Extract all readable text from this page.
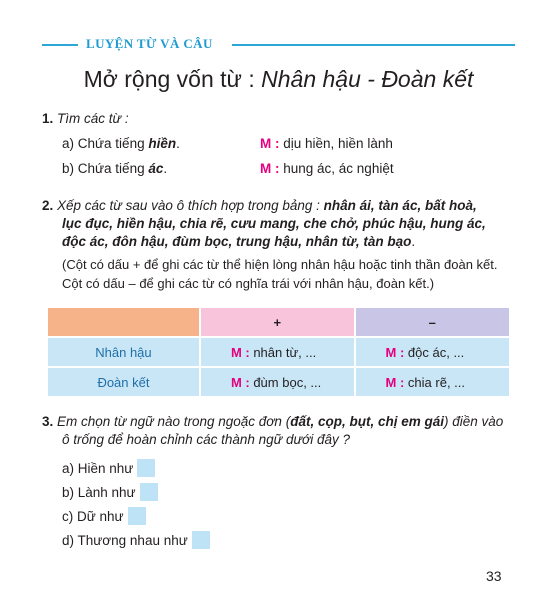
LUYỆN TỪ VÀ CÂU
Mở rộng vốn từ : Nhân hậu - Đoàn kết
1. Tìm các từ :
a) Chứa tiếng hiền.	M : dịu hiền, hiền lành
b) Chứa tiếng ác.	M : hung ác, ác nghiệt
2. Xếp các từ sau vào ô thích hợp trong bảng : nhân ái, tàn ác, bất hoà,
lục đục, hiền hậu, chia rẽ, cưu mang, che chở, phúc hậu, hung ác,
độc ác, đôn hậu, đùm bọc, trung hậu, nhân từ, tàn bạo.
(Cột có dấu + để ghi các từ thể hiện lòng nhân hậu hoặc tinh thần đoàn kết.
Cột có dấu – để ghi các từ có nghĩa trái với nhân hậu, đoàn kết.)
	+	–
Nhân hậu	M : nhân từ, ...	M : độc ác, ...
Đoàn kết	M : đùm bọc, ...	M : chia rẽ, ...
3. Em chọn từ ngữ nào trong ngoặc đơn (đất, cọp, bụt, chị em gái) điền vào
ô trống để hoàn chỉnh các thành ngữ dưới đây ?
a) Hiền như
b) Lành như
c) Dữ như
d) Thương nhau như
33
